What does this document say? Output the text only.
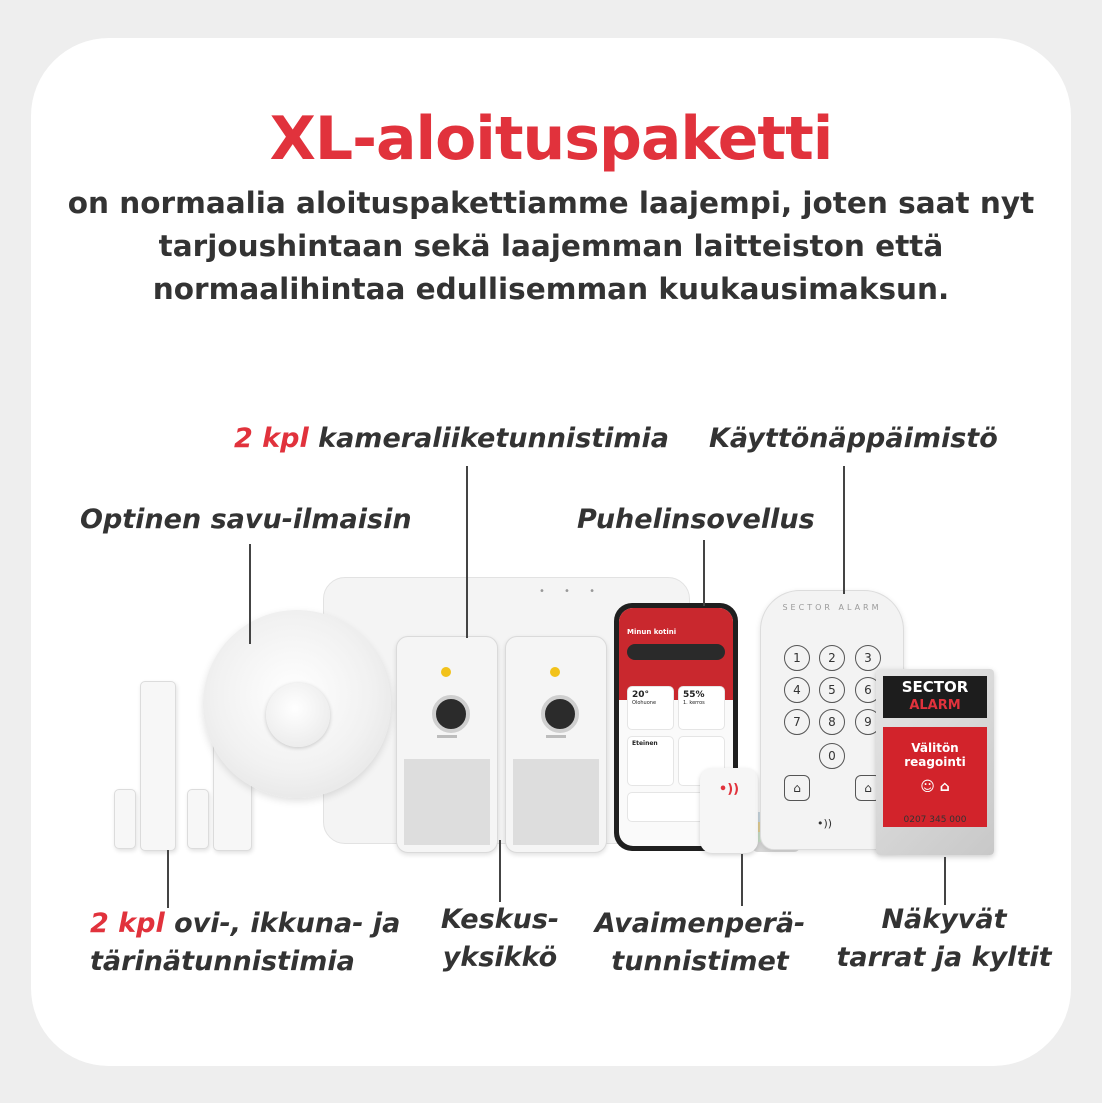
XL-aloituspaketti
on normaalia aloituspakettiamme laajempi, joten saat nyt tarjoushintaan sekä laajemman laitteiston että normaalihintaa edullisemman kuukausimaksun.
• • •
Minun kotini
20°
Olohuone
55%
1. kerros
Eteinen
•))
SECTOR ALARM
1	2	3
4	5	6
7	8	9
0
⌂	⌂
•))
SECTOR
ALARM
Välitön
reagointi
☺ ⌂
0207 345 000
2 kpl kameraliiketunnistimia Käyttönäppäimistö
Optinen savu-ilmaisin	Puhelinsovellus
2 kpl ovi-, ikkuna- ja
tärinätunnistimia
Keskus-
yksikkö
Avaimenperä-
tunnistimet
Näkyvät
tarrat ja kyltit
